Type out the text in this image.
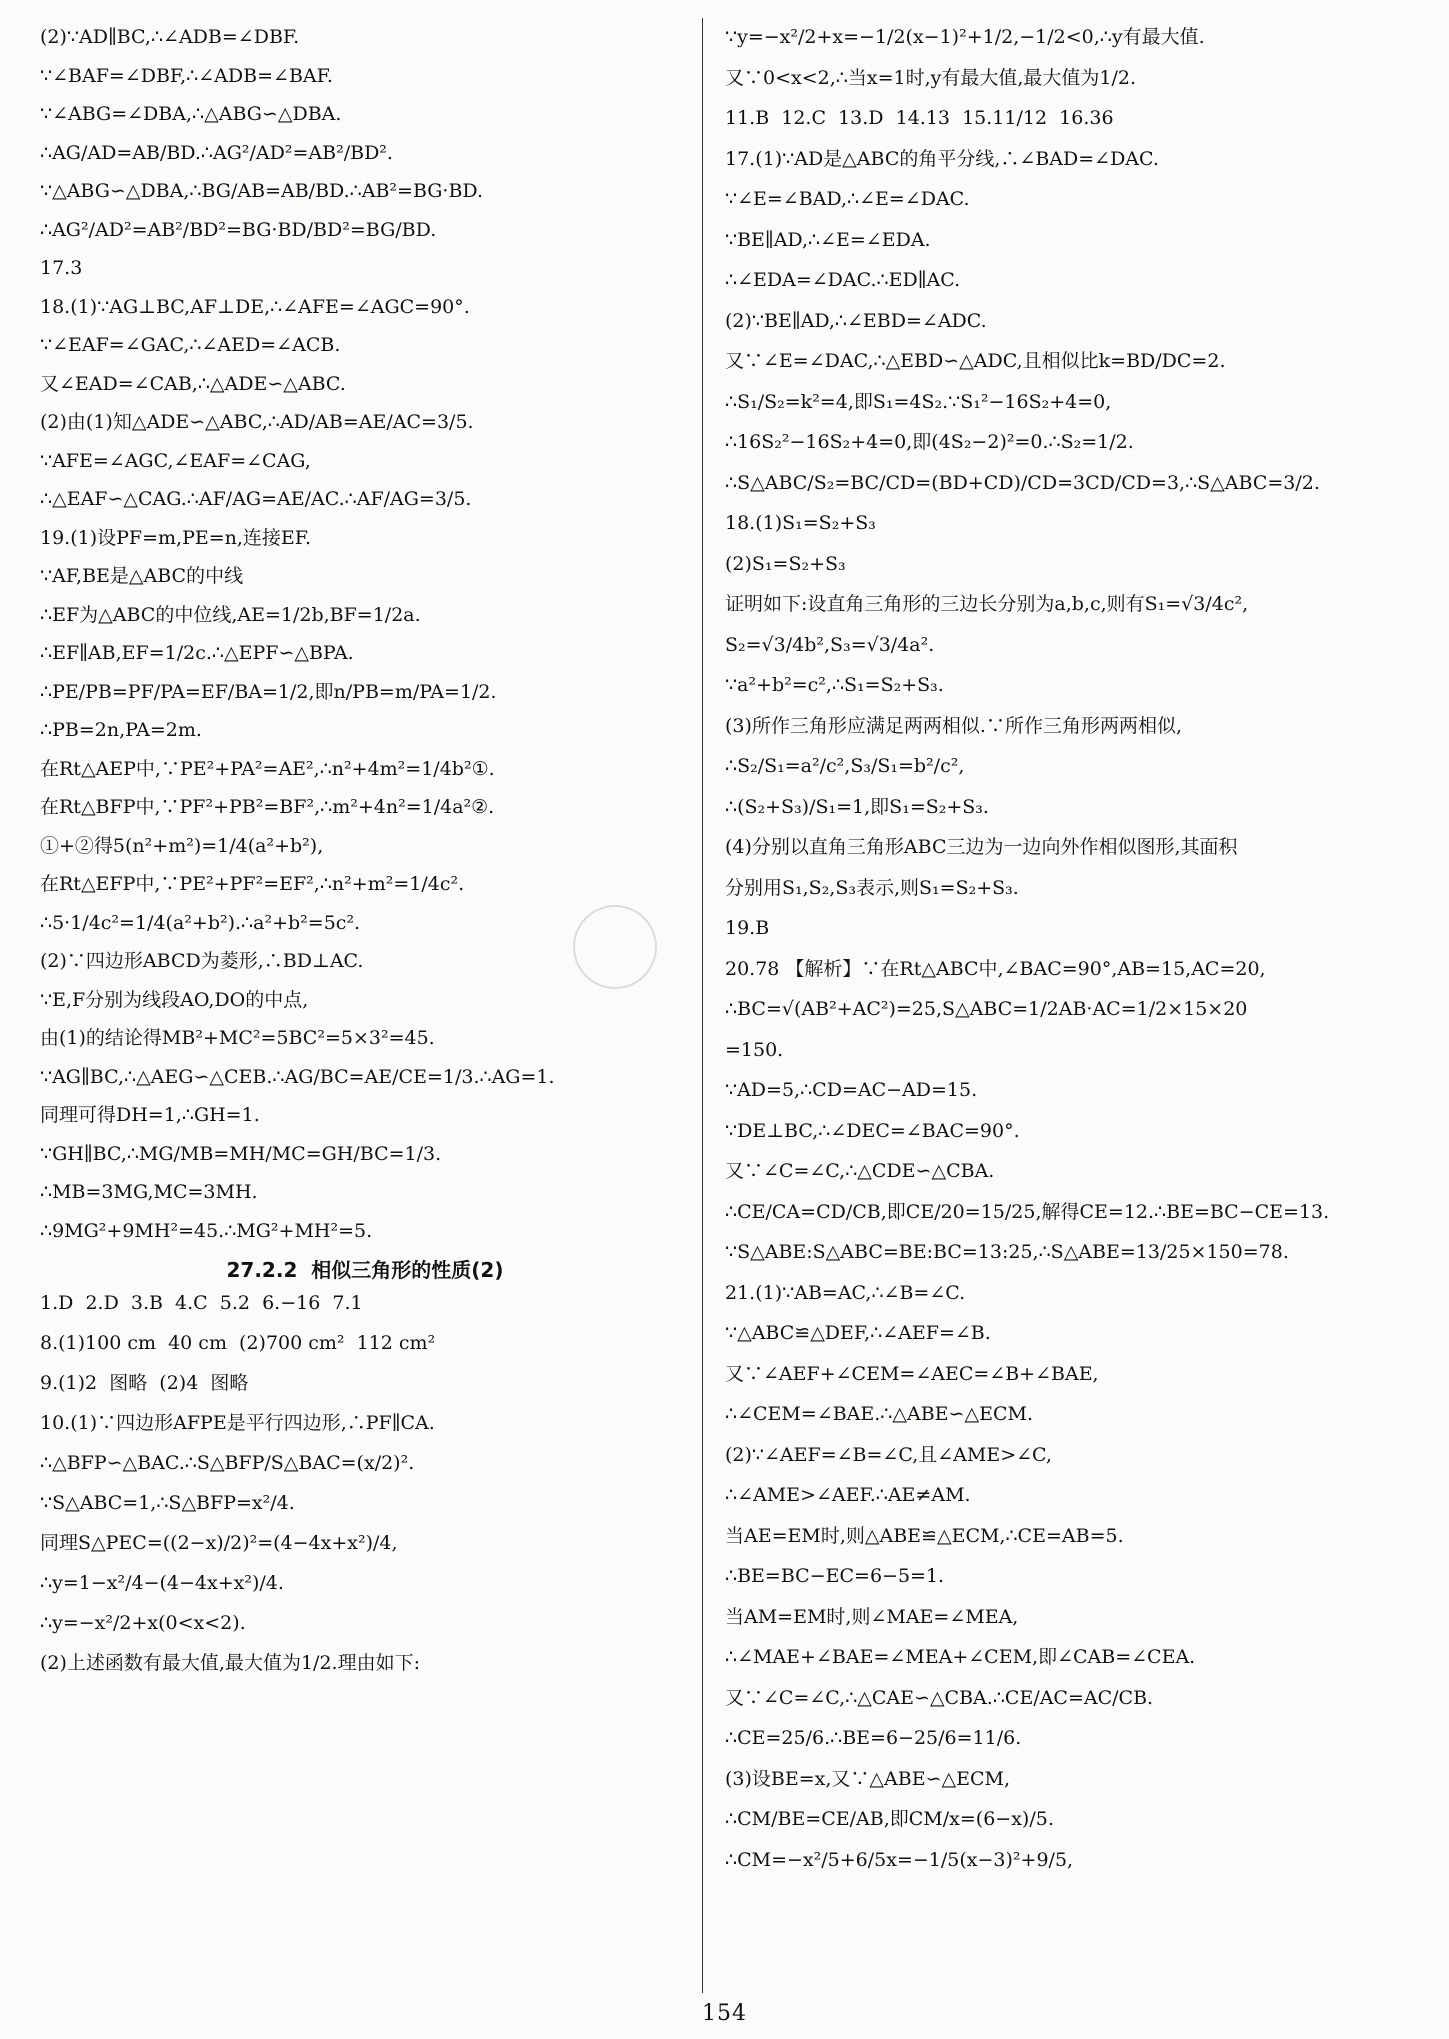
(2)∵AD∥BC,∴∠ADB=∠DBF.

∵∠BAF=∠DBF,∴∠ADB=∠BAF.

∵∠ABG=∠DBA,∴△ABG∽△DBA.

∴AG/AD=AB/BD.∴AG²/AD²=AB²/BD².

∵△ABG∽△DBA,∴BG/AB=AB/BD.∴AB²=BG·BD.

∴AG²/AD²=AB²/BD²=BG·BD/BD²=BG/BD.

17.3

18.(1)∵AG⊥BC,AF⊥DE,∴∠AFE=∠AGC=90°.

∵∠EAF=∠GAC,∴∠AED=∠ACB.

又∠EAD=∠CAB,∴△ADE∽△ABC.

(2)由(1)知△ADE∽△ABC,∴AD/AB=AE/AC=3/5.

∵AFE=∠AGC,∠EAF=∠CAG,

∴△EAF∽△CAG.∴AF/AG=AE/AC.∴AF/AG=3/5.

19.(1)设PF=m,PE=n,连接EF.

∵AF,BE是△ABC的中线

∴EF为△ABC的中位线,AE=1/2b,BF=1/2a.

∴EF∥AB,EF=1/2c.∴△EPF∽△BPA.

∴PE/PB=PF/PA=EF/BA=1/2,即n/PB=m/PA=1/2.

∴PB=2n,PA=2m.

在Rt△AEP中,∵PE²+PA²=AE²,∴n²+4m²=1/4b²①.

在Rt△BFP中,∵PF²+PB²=BF²,∴m²+4n²=1/4a²②.

①+②得5(n²+m²)=1/4(a²+b²),

在Rt△EFP中,∵PE²+PF²=EF²,∴n²+m²=1/4c².

∴5·1/4c²=1/4(a²+b²).∴a²+b²=5c².

(2)∵四边形ABCD为菱形,∴BD⊥AC.

∵E,F分别为线段AO,DO的中点,

由(1)的结论得MB²+MC²=5BC²=5×3²=45.

∵AG∥BC,∴△AEG∽△CEB.∴AG/BC=AE/CE=1/3.∴AG=1.

同理可得DH=1,∴GH=1.

∵GH∥BC,∴MG/MB=MH/MC=GH/BC=1/3.

∴MB=3MG,MC=3MH.

∴9MG²+9MH²=45.∴MG²+MH²=5.

27.2.2  相似三角形的性质(2)

1.D  2.D  3.B  4.C  5.2  6.−16  7.1

8.(1)100 cm  40 cm  (2)700 cm²  112 cm²

9.(1)2  图略  (2)4  图略

10.(1)∵四边形AFPE是平行四边形,∴PF∥CA.

∴△BFP∽△BAC.∴S△BFP/S△BAC=(x/2)².

∵S△ABC=1,∴S△BFP=x²/4.

同理S△PEC=((2−x)/2)²=(4−4x+x²)/4,

∴y=1−x²/4−(4−4x+x²)/4.

∴y=−x²/2+x(0<x<2).

(2)上述函数有最大值,最大值为1/2.理由如下:

∵y=−x²/2+x=−1/2(x−1)²+1/2,−1/2<0,∴y有最大值.

又∵0<x<2,∴当x=1时,y有最大值,最大值为1/2.

11.B  12.C  13.D  14.13  15.11/12  16.36

17.(1)∵AD是△ABC的角平分线,∴∠BAD=∠DAC.

∵∠E=∠BAD,∴∠E=∠DAC.

∵BE∥AD,∴∠E=∠EDA.

∴∠EDA=∠DAC.∴ED∥AC.

(2)∵BE∥AD,∴∠EBD=∠ADC.

又∵∠E=∠DAC,∴△EBD∽△ADC,且相似比k=BD/DC=2.

∴S₁/S₂=k²=4,即S₁=4S₂.∵S₁²−16S₂+4=0,

∴16S₂²−16S₂+4=0,即(4S₂−2)²=0.∴S₂=1/2.

∴S△ABC/S₂=BC/CD=(BD+CD)/CD=3CD/CD=3,∴S△ABC=3/2.

18.(1)S₁=S₂+S₃

(2)S₁=S₂+S₃

证明如下:设直角三角形的三边长分别为a,b,c,则有S₁=√3/4c²,

S₂=√3/4b²,S₃=√3/4a².

∵a²+b²=c²,∴S₁=S₂+S₃.

(3)所作三角形应满足两两相似.∵所作三角形两两相似,

∴S₂/S₁=a²/c²,S₃/S₁=b²/c²,

∴(S₂+S₃)/S₁=1,即S₁=S₂+S₃.

(4)分别以直角三角形ABC三边为一边向外作相似图形,其面积

分别用S₁,S₂,S₃表示,则S₁=S₂+S₃.

19.B

20.78 【解析】∵在Rt△ABC中,∠BAC=90°,AB=15,AC=20,

∴BC=√(AB²+AC²)=25,S△ABC=1/2AB·AC=1/2×15×20

=150.

∵AD=5,∴CD=AC−AD=15.

∵DE⊥BC,∴∠DEC=∠BAC=90°.

又∵∠C=∠C,∴△CDE∽△CBA.

∴CE/CA=CD/CB,即CE/20=15/25,解得CE=12.∴BE=BC−CE=13.

∵S△ABE:S△ABC=BE:BC=13:25,∴S△ABE=13/25×150=78.

21.(1)∵AB=AC,∴∠B=∠C.

∵△ABC≌△DEF,∴∠AEF=∠B.

又∵∠AEF+∠CEM=∠AEC=∠B+∠BAE,

∴∠CEM=∠BAE.∴△ABE∽△ECM.

(2)∵∠AEF=∠B=∠C,且∠AME>∠C,

∴∠AME>∠AEF.∴AE≠AM.

当AE=EM时,则△ABE≌△ECM,∴CE=AB=5.

∴BE=BC−EC=6−5=1.

当AM=EM时,则∠MAE=∠MEA,

∴∠MAE+∠BAE=∠MEA+∠CEM,即∠CAB=∠CEA.

又∵∠C=∠C,∴△CAE∽△CBA.∴CE/AC=AC/CB.

∴CE=25/6.∴BE=6−25/6=11/6.

(3)设BE=x,又∵△ABE∽△ECM,

∴CM/BE=CE/AB,即CM/x=(6−x)/5.

∴CM=−x²/5+6/5x=−1/5(x−3)²+9/5,

154
